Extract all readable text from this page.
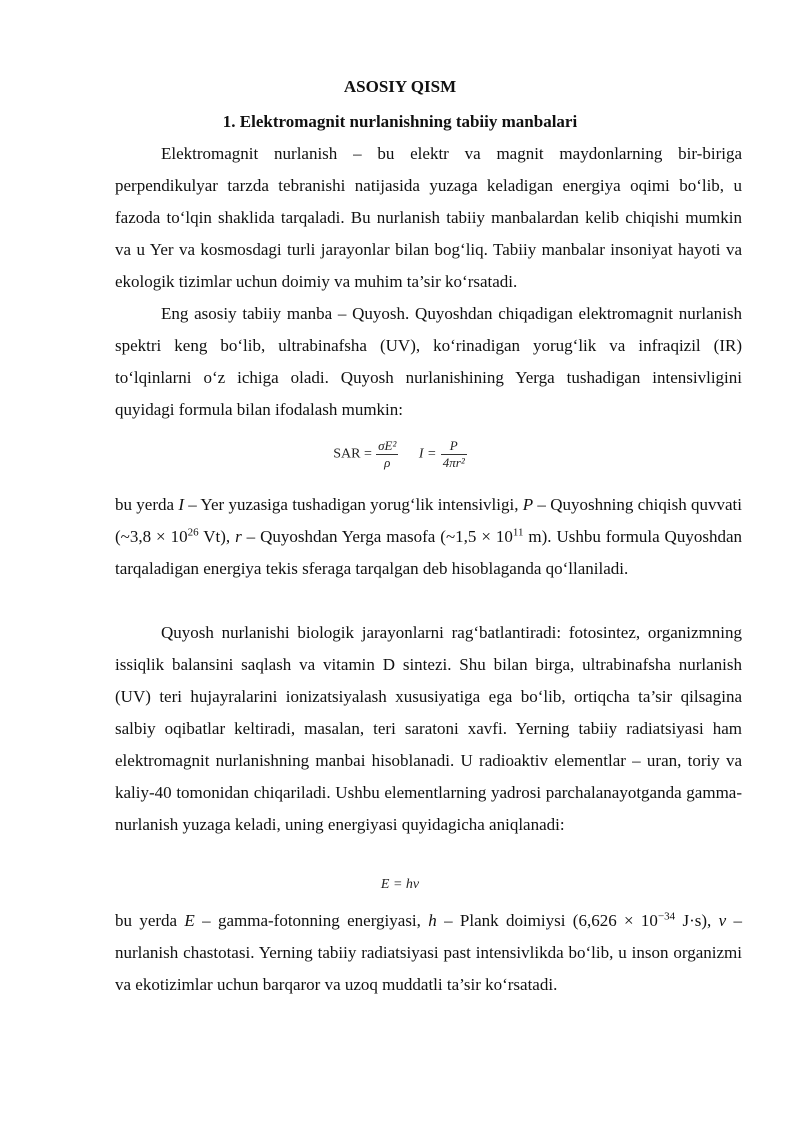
ASOSIY QISM
1. Elektromagnit nurlanishning tabiiy manbalari

Elektromagnit nurlanish – bu elektr va magnit maydonlarning bir-biriga perpendikulyar tarzda tebranishi natijasida yuzaga keladigan energiya oqimi bo‘lib, u fazoda to‘lqin shaklida tarqaladi. Bu nurlanish tabiiy manbalardan kelib chiqishi mumkin va u Yer va kosmosdagi turli jarayonlar bilan bog‘liq. Tabiiy manbalar insoniyat hayoti va ekologik tizimlar uchun doimiy va muhim ta’sir ko‘rsatadi.

Eng asosiy tabiiy manba – Quyosh. Quyoshdan chiqadigan elektromagnit nurlanish spektri keng bo‘lib, ultrabinafsha (UV), ko‘rinadigan yorug‘lik va infraqizil (IR) to‘lqinlarni o‘z ichiga oladi. Quyosh nurlanishining Yerga tushadigan intensivligini quyidagi formula bilan ifodalash mumkin:

SAR = $\frac{\text{σE²}}{\rho}$ $I = \frac{P}{\text{4πr²}}$

bu yerda I – Yer yuzasiga tushadigan yorug‘lik intensivligi, P – Quyoshning chiqish quvvati (~3,8 × $10^{26}$ Vt), r – Quyoshdan Yerga masofa (~1,5 × $10^{11}$ m). Ushbu formula Quyoshdan tarqaladigan energiya tekis sferaga tarqalgan deb hisoblaganda qo‘llaniladi.

Quyosh nurlanishi biologik jarayonlarni rag‘batlantiradi: fotosintez, organizmning issiqlik balansini saqlash va vitamin D sintezi. Shu bilan birga, ultrabinafsha nurlanish (UV) teri hujayralarini ionizatsiyalash xususiyatiga ega bo‘lib, ortiqcha ta’sir qilsagina salbiy oqibatlar keltiradi, masalan, teri saratoni xavfi. Yerning tabiiy radiatsiyasi ham elektromagnit nurlanishning manbai hisoblanadi. U radioaktiv elementlar – uran, toriy va kaliy-40 tomonidan chiqariladi. Ushbu elementlarning yadrosi parchalanayotganda gamma-nurlanish yuzaga keladi, uning energiyasi quyidagicha aniqlanadi:

E = hν

bu yerda E – gamma-fotonning energiyasi, h – Plank doimiysi ($6,626 \times 10^{-34}$ J·s), v – nurlanish chastotasi. Yerning tabiiy radiatsiyasi past intensivlikda bo‘lib, u inson organizmi va ekotizimlar uchun barqaror va uzoq muddatli ta’sir ko‘rsatadi.
